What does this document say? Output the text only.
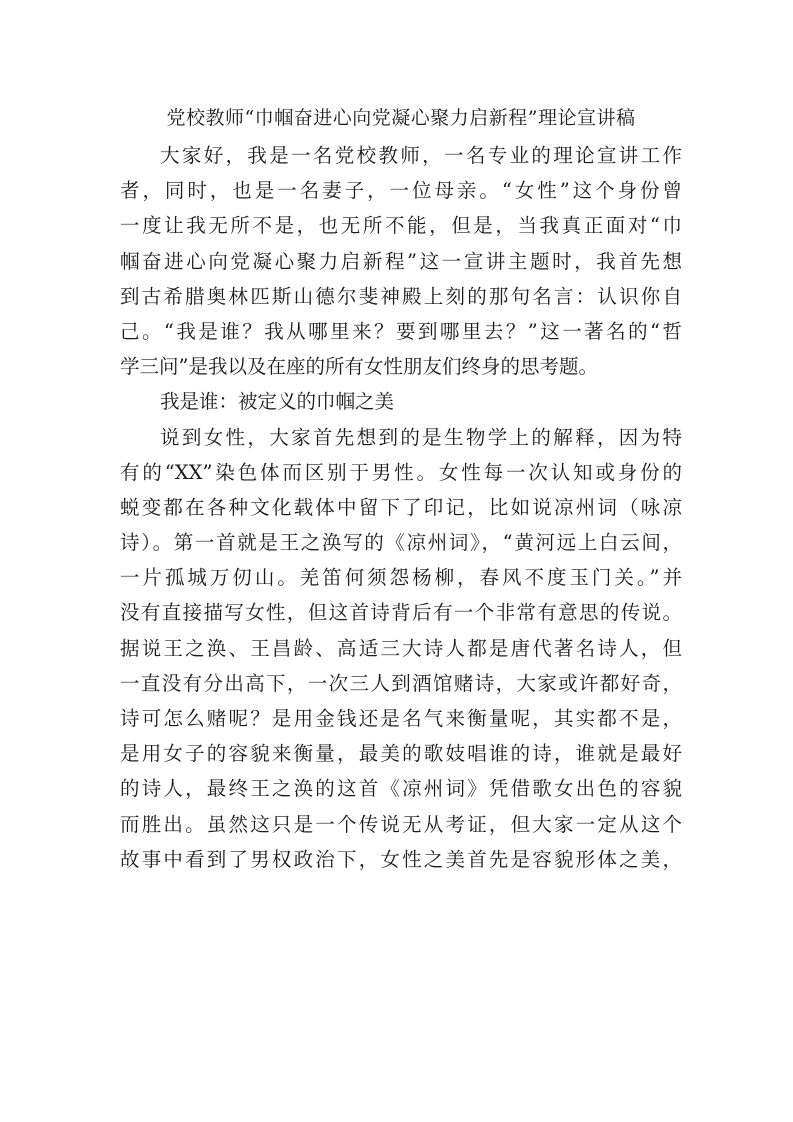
党校教师“巾帼奋进心向党凝心聚力启新程”理论宣讲稿
大家好，我是一名党校教师，一名专业的理论宣讲工作
者，同时，也是一名妻子，一位母亲。“女性”这个身份曾
一度让我无所不是，也无所不能，但是，当我真正面对“巾
帼奋进心向党凝心聚力启新程”这一宣讲主题时，我首先想
到古希腊奥林匹斯山德尔斐神殿上刻的那句名言：认识你自
己。“我是谁？我从哪里来？要到哪里去？”这一著名的“哲
学三问”是我以及在座的所有女性朋友们终身的思考题。
我是谁：被定义的巾帼之美
说到女性，大家首先想到的是生物学上的解释，因为特
有的“XX”染色体而区别于男性。女性每一次认知或身份的
蜕变都在各种文化载体中留下了印记，比如说凉州词（咏凉
诗）。第一首就是王之涣写的《凉州词》，“黄河远上白云间，
一片孤城万仞山。羌笛何须怨杨柳，春风不度玉门关。”并
没有直接描写女性，但这首诗背后有一个非常有意思的传说。
据说王之涣、王昌龄、高适三大诗人都是唐代著名诗人，但
一直没有分出高下，一次三人到酒馆赌诗，大家或许都好奇，
诗可怎么赌呢？是用金钱还是名气来衡量呢，其实都不是，
是用女子的容貌来衡量，最美的歌妓唱谁的诗，谁就是最好
的诗人，最终王之涣的这首《凉州词》凭借歌女出色的容貌
而胜出。虽然这只是一个传说无从考证，但大家一定从这个
故事中看到了男权政治下，女性之美首先是容貌形体之美，
